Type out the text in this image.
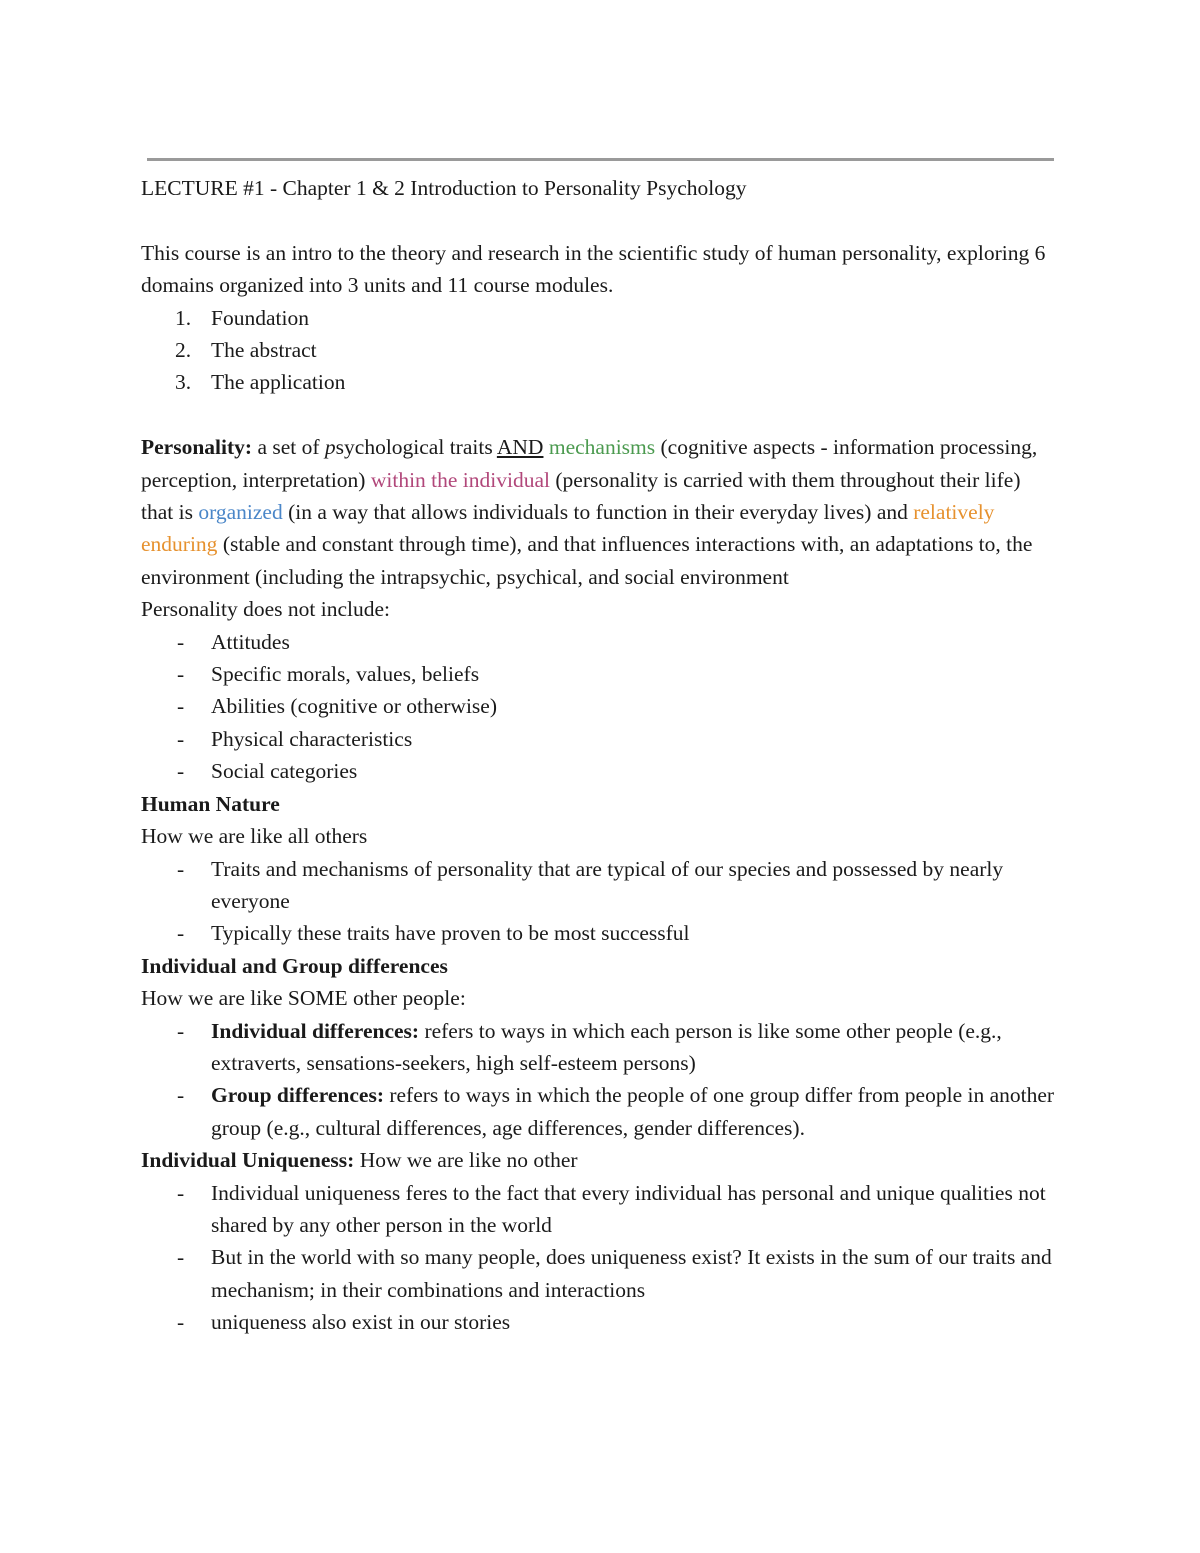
LECTURE #1 - Chapter 1 & 2 Introduction to Personality Psychology

This course is an intro to the theory and research in the scientific study of human personality, exploring 6 domains organized into 3 units and 11 course modules.

1. Foundation

2. The abstract

3. The application

Personality: a set of psychological traits AND mechanisms (cognitive aspects - information processing, perception, interpretation) within the individual (personality is carried with them throughout their life) that is organized (in a way that allows individuals to function in their everyday lives) and relatively enduring (stable and constant through time), and that influences interactions with, an adaptations to, the environment (including the intrapsychic, psychical, and social environment

Personality does not include:

- Attitudes

- Specific morals, values, beliefs

- Abilities (cognitive or otherwise)

- Physical characteristics

- Social categories

Human Nature

How we are like all others

- Traits and mechanisms of personality that are typical of our species and possessed by nearly everyone

- Typically these traits have proven to be most successful

Individual and Group differences

How we are like SOME other people:

- Individual differences: refers to ways in which each person is like some other people (e.g., extraverts, sensations-seekers, high self-esteem persons)

- Group differences: refers to ways in which the people of one group differ from people in another group (e.g., cultural differences, age differences, gender differences).

Individual Uniqueness: How we are like no other

- Individual uniqueness feres to the fact that every individual has personal and unique qualities not shared by any other person in the world

- But in the world with so many people, does uniqueness exist? It exists in the sum of our traits and mechanism; in their combinations and interactions

- uniqueness also exist in our stories
